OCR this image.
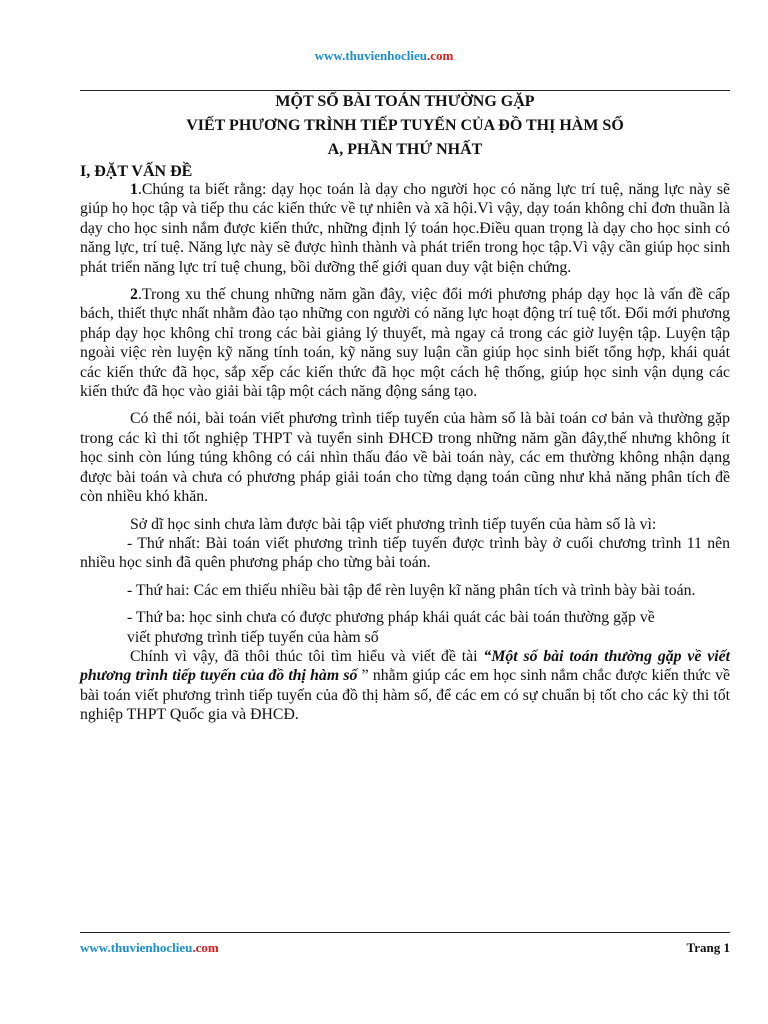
www.thuvienhoclieu.com
MỘT SỐ BÀI TOÁN THƯỜNG GẶP
VIẾT PHƯƠNG TRÌNH TIẾP TUYẾN CỦA ĐỒ THỊ HÀM SỐ
A, PHẦN THỨ NHẤT
I, ĐẶT VẤN ĐỀ

1.Chúng ta biết rằng: dạy học toán là dạy cho người học có năng lực trí tuệ, năng lực này sẽ giúp họ học tập và tiếp thu các kiến thức về tự nhiên và xã hội.Vì vậy, dạy toán không chỉ đơn thuần là dạy cho học sinh nắm được kiến thức, những định lý toán học.Điều quan trọng là dạy cho học sinh có năng lực, trí tuệ. Năng lực này sẽ được hình thành và phát triển trong học tập.Vì vậy cần giúp học sinh phát triển năng lực trí tuệ chung, bồi dưỡng thế giới quan duy vật biện chứng.

2.Trong xu thế chung những năm gần đây, việc đổi mới phương pháp dạy học là vấn đề cấp bách, thiết thực nhất nhằm đào tạo những con người có năng lực hoạt động trí tuệ tốt. Đổi mới phương pháp dạy học không chỉ trong các bài giảng lý thuyết, mà ngay cả trong các giờ luyện tập. Luyện tập ngoài việc rèn luyện kỹ năng tính toán, kỹ năng suy luận cần giúp học sinh biết tổng hợp, khái quát các kiến thức đã học, sắp xếp các kiến thức đã học một cách hệ thống, giúp học sinh vận dụng các kiến thức đã học vào giải bài tập một cách năng động sáng tạo.

Có thể nói, bài toán viết phương trình tiếp tuyến của hàm số là bài toán cơ bản và thường gặp trong các kì thi tốt nghiệp THPT và tuyển sinh ĐHCĐ trong những năm gần đây,thế nhưng không ít học sinh còn lúng túng không có cái nhìn thấu đáo về bài toán này, các em thường không nhận dạng được bài toán và chưa có phương pháp giải toán cho từng dạng toán cũng như khả năng phân tích đề còn nhiều khó khăn.

Sở dĩ học sinh chưa làm được bài tập viết phương trình tiếp tuyến của hàm số là vì:

- Thứ nhất: Bài toán viết phương trình tiếp tuyến được trình bày ở cuối chương trình 11 nên nhiều học sinh đã quên phương pháp cho từng bài toán.

- Thứ hai: Các em thiếu nhiều bài tập để rèn luyện kĩ năng phân tích và trình bày bài toán.

- Thứ ba: học sinh chưa có được phương pháp khái quát các bài toán thường gặp về

viết phương trình tiếp tuyến của hàm số

Chính vì vậy, đã thôi thúc tôi tìm hiểu và viết đề tài “Một số bài toán thường gặp về viết phương trình tiếp tuyến của đồ thị hàm số ” nhằm giúp các em học sinh nắm chắc được kiến thức về bài toán viết phương trình tiếp tuyến của đồ thị hàm số, để các em có sự chuẩn bị tốt cho các kỳ thi tốt nghiệp THPT Quốc gia và ĐHCĐ.

www.thuvienhoclieu.com	Trang 1
